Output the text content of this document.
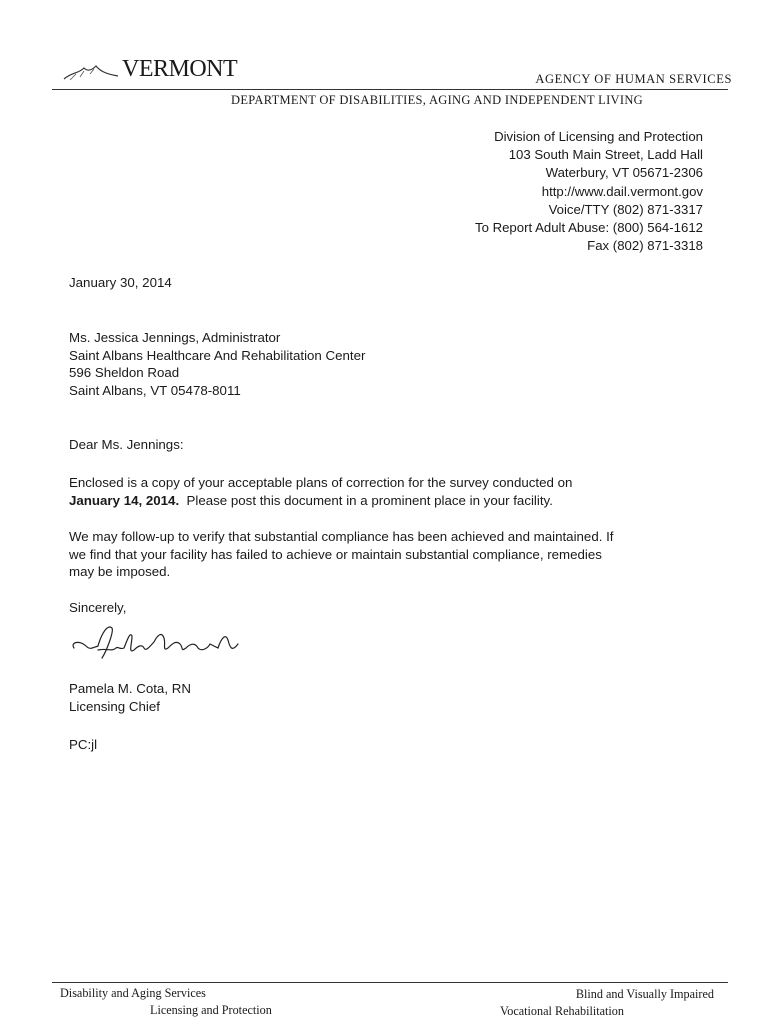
VERMONT	AGENCY OF HUMAN SERVICES
DEPARTMENT OF DISABILITIES, AGING AND INDEPENDENT LIVING
Division of Licensing and Protection
103 South Main Street, Ladd Hall
Waterbury, VT 05671-2306
http://www.dail.vermont.gov
Voice/TTY (802) 871-3317
To Report Adult Abuse: (800) 564-1612
Fax (802) 871-3318
January 30, 2014
Ms. Jessica Jennings, Administrator
Saint Albans Healthcare And Rehabilitation Center
596 Sheldon Road
Saint Albans, VT 05478-8011
Dear Ms. Jennings:
Enclosed is a copy of your acceptable plans of correction for the survey conducted on
January 14, 2014.  Please post this document in a prominent place in your facility.
We may follow-up to verify that substantial compliance has been achieved and maintained. If
we find that your facility has failed to achieve or maintain substantial compliance, remedies
may be imposed.
Sincerely,
Pamela M. Cota, RN
Licensing Chief
PC:jl
Disability and Aging Services
Licensing and Protection
Blind and Visually Impaired
Vocational Rehabilitation
